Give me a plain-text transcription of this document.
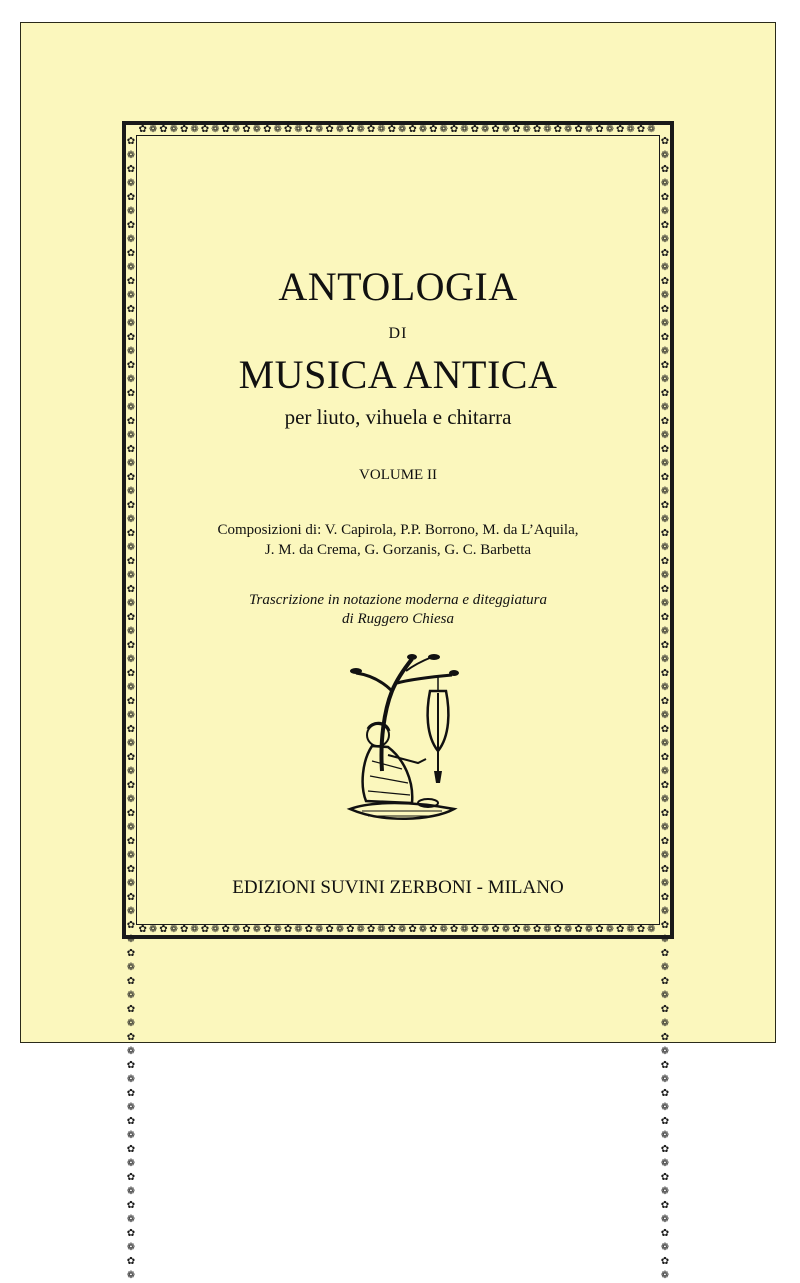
✿❁✿❁✿❁✿❁✿❁✿❁✿❁✿❁✿❁✿❁✿❁✿❁✿❁✿❁✿❁✿❁✿❁✿❁✿❁✿❁✿❁✿❁✿❁✿❁✿❁
✿❁✿❁✿❁✿❁✿❁✿❁✿❁✿❁✿❁✿❁✿❁✿❁✿❁✿❁✿❁✿❁✿❁✿❁✿❁✿❁✿❁✿❁✿❁✿❁✿❁
✿❁✿❁✿❁✿❁✿❁✿❁✿❁✿❁✿❁✿❁✿❁✿❁✿❁✿❁✿❁✿❁✿❁✿❁✿❁✿❁✿❁✿❁✿❁✿❁✿❁✿❁✿❁✿❁✿❁✿❁✿❁✿❁✿❁✿❁✿❁✿❁✿❁✿❁✿❁✿❁✿❁
✿❁✿❁✿❁✿❁✿❁✿❁✿❁✿❁✿❁✿❁✿❁✿❁✿❁✿❁✿❁✿❁✿❁✿❁✿❁✿❁✿❁✿❁✿❁✿❁✿❁✿❁✿❁✿❁✿❁✿❁✿❁✿❁✿❁✿❁✿❁✿❁✿❁✿❁✿❁✿❁✿❁
ANTOLOGIA
DI
MUSICA ANTICA
per liuto, vihuela e chitarra
VOLUME II
Composizioni di: V. Capirola, P.P. Borrono, M. da L’Aquila,
J. M. da Crema, G. Gorzanis, G. C. Barbetta
Trascrizione in notazione moderna e diteggiatura
di Ruggero Chiesa
EDIZIONI SUVINI ZERBONI - MILANO
